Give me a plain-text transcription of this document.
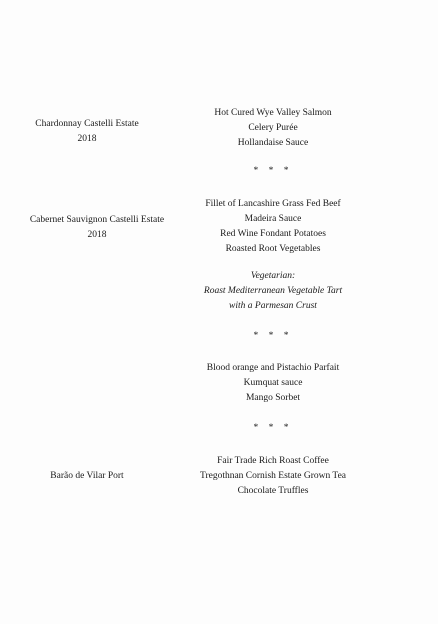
Chardonnay Castelli Estate
2018
Cabernet Sauvignon Castelli Estate
2018
Barão de Vilar Port
Hot Cured Wye Valley Salmon
Celery Purée
Hollandaise Sauce
* * *
Fillet of Lancashire Grass Fed Beef
Madeira Sauce
Red Wine Fondant Potatoes
Roasted Root Vegetables
Vegetarian:
Roast Mediterranean Vegetable Tart
with a Parmesan Crust
* * *
Blood orange and Pistachio Parfait
Kumquat sauce
Mango Sorbet
* * *
Fair Trade Rich Roast Coffee
Tregothnan Cornish Estate Grown Tea
Chocolate Truffles
